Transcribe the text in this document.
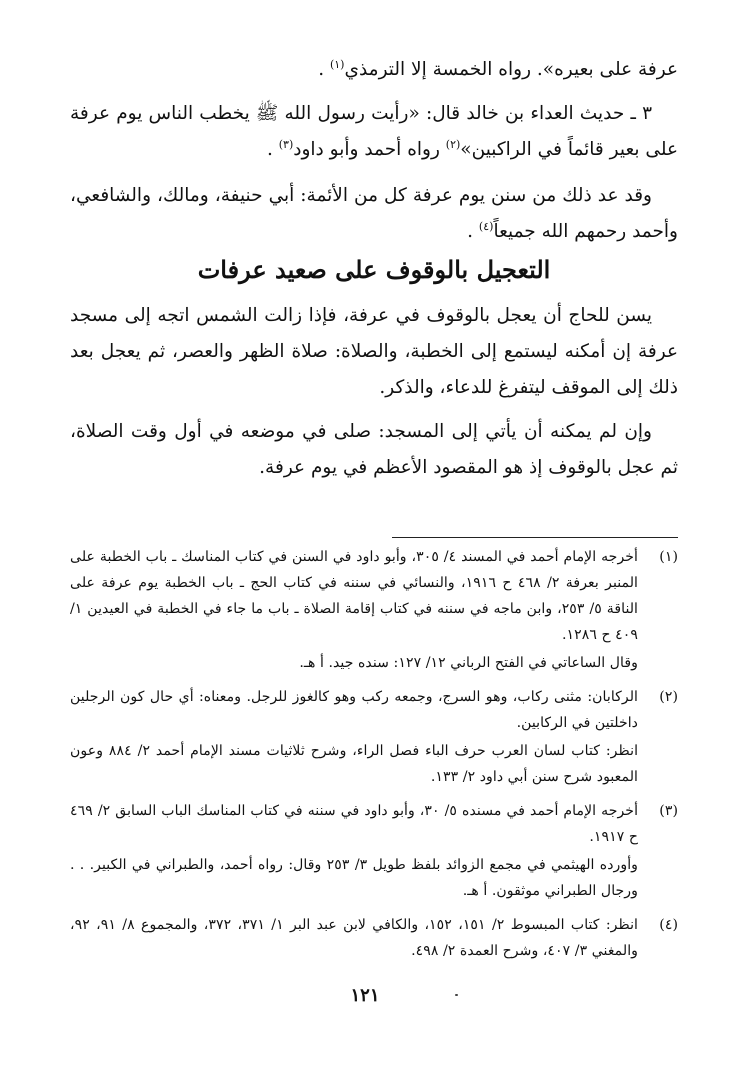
عرفة على بعيره». رواه الخمسة إلا الترمذي$^{(١)}$ .

٣ ـ حديث العداء بن خالد قال: «رأيت رسول الله ﷺ يخطب الناس يوم عرفة على بعير قائماً في الراكبين»$^{(٢)}$ رواه أحمد وأبو داود$^{(٣)}$ .

وقد عد ذلك من سنن يوم عرفة كل من الأئمة: أبي حنيفة، ومالك، والشافعي، وأحمد رحمهم الله جميعاً$^{(٤)}$ .

التعجيل بالوقوف على صعيد عرفات

يسن للحاج أن يعجل بالوقوف في عرفة، فإذا زالت الشمس اتجه إلى مسجد عرفة إن أمكنه ليستمع إلى الخطبة، والصلاة: صلاة الظهر والعصر، ثم يعجل بعد ذلك إلى الموقف ليتفرغ للدعاء، والذكر.

وإن لم يمكنه أن يأتي إلى المسجد: صلى في موضعه في أول وقت الصلاة، ثم عجل بالوقوف إذ هو المقصود الأعظم في يوم عرفة.

(١)

أخرجه الإمام أحمد في المسند ٤/ ٣٠٥، وأبو داود في السنن في كتاب المناسك ـ باب الخطبة على المنبر بعرفة ٢/ ٤٦٨ ح ١٩١٦، والنسائي في سننه في كتاب الحج ـ باب الخطبة يوم عرفة على الناقة ٥/ ٢٥٣، وابن ماجه في سننه في كتاب إقامة الصلاة ـ باب ما جاء في الخطبة في العيدين ١/ ٤٠٩ ح ١٢٨٦.

وقال الساعاتي في الفتح الرباني ١٢/ ١٢٧: سنده جيد. أ هـ.

(٢)

الركابان: مثنى ركاب، وهو السرج، وجمعه ركب وهو كالغوز للرجل. ومعناه: أي حال كون الرجلين داخلتين في الركابين.

انظر: كتاب لسان العرب حرف الباء فصل الراء، وشرح ثلاثيات مسند الإمام أحمد ٢/ ٨٨٤ وعون المعبود شرح سنن أبي داود ٢/ ١٣٣.

(٣)

أخرجه الإمام أحمد في مسنده ٥/ ٣٠، وأبو داود في سننه في كتاب المناسك الباب السابق ٢/ ٤٦٩ ح ١٩١٧.

وأورده الهيثمي في مجمع الزوائد بلفظ طويل ٣/ ٢٥٣ وقال: رواه أحمد، والطبراني في الكبير. . . ورجال الطبراني موثقون. أ هـ.

(٤)

انظر: كتاب المبسوط ٢/ ١٥١، ١٥٢، والكافي لابن عبد البر ١/ ٣٧١، ٣٧٢، والمجموع ٨/ ٩١، ٩٢، والمغني ٣/ ٤٠٧، وشرح العمدة ٢/ ٤٩٨.

١٢١
